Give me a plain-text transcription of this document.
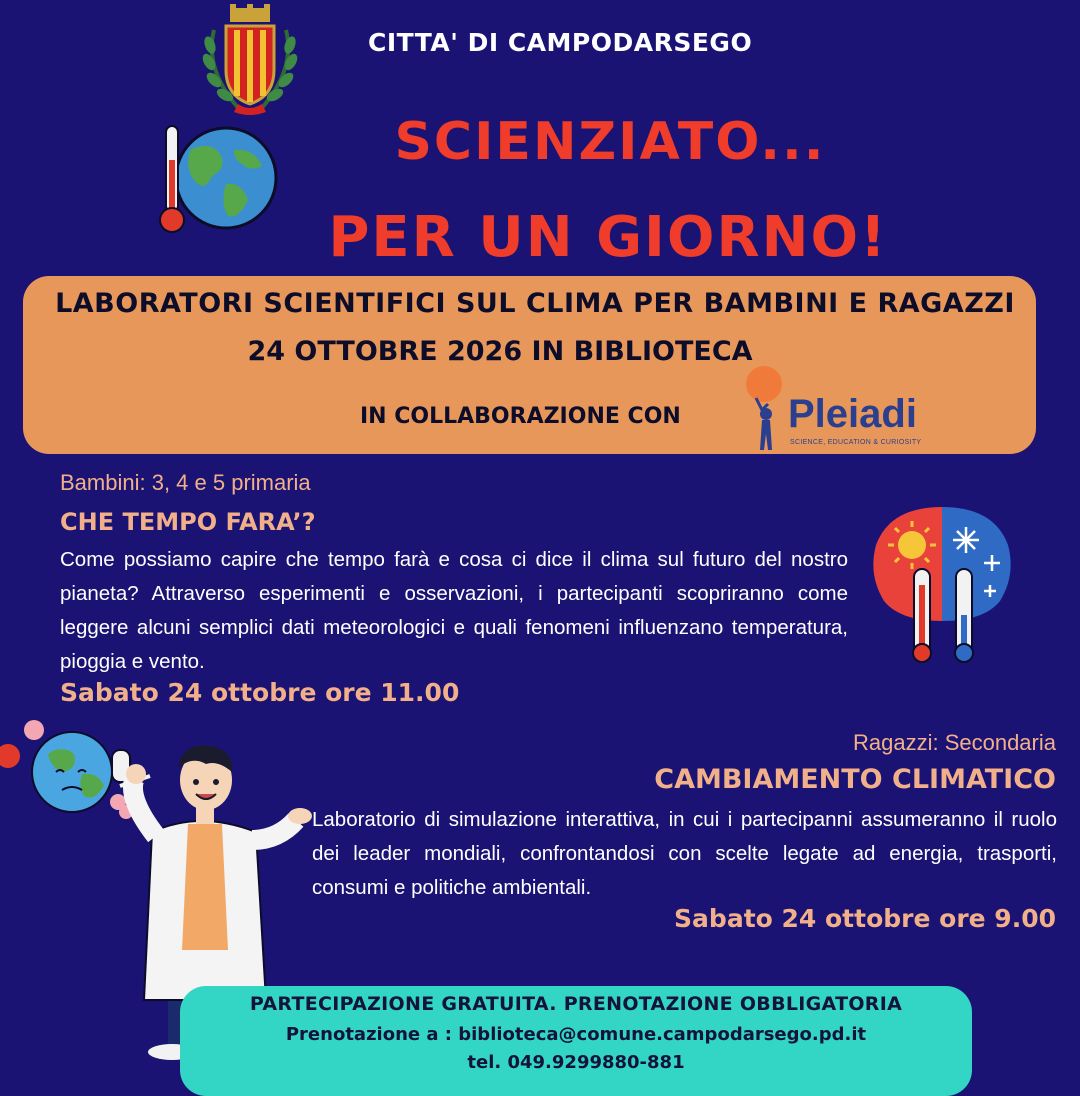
CITTA' DI CAMPODARSEGO
SCIENZIATO...
PER UN GIORNO!
LABORATORI SCIENTIFICI SUL CLIMA PER BAMBINI E RAGAZZI
24 OTTOBRE 2026 IN BIBLIOTECA
IN COLLABORAZIONE CON	Pleiadi
SCIENCE, EDUCATION & CURIOSITY
Bambini: 3, 4 e 5 primaria
CHE TEMPO FARA’?
Come possiamo capire che tempo farà e cosa ci dice il clima sul futuro del nostro pianeta? Attraverso esperimenti e osservazioni, i partecipanti scopriranno come leggere alcuni semplici dati meteorologici e quali fenomeni influenzano temperatura, pioggia e vento.
Sabato 24 ottobre ore 11.00
Ragazzi: Secondaria
CAMBIAMENTO CLIMATICO
Laboratorio di simulazione interattiva, in cui i partecipanni assumeranno il ruolo dei leader mondiali, confrontandosi con scelte legate ad energia, trasporti, consumi e politiche ambientali.
Sabato 24 ottobre ore 9.00
PARTECIPAZIONE GRATUITA. PRENOTAZIONE OBBLIGATORIA
Prenotazione a : biblioteca@comune.campodarsego.pd.it
tel. 049.9299880-881
